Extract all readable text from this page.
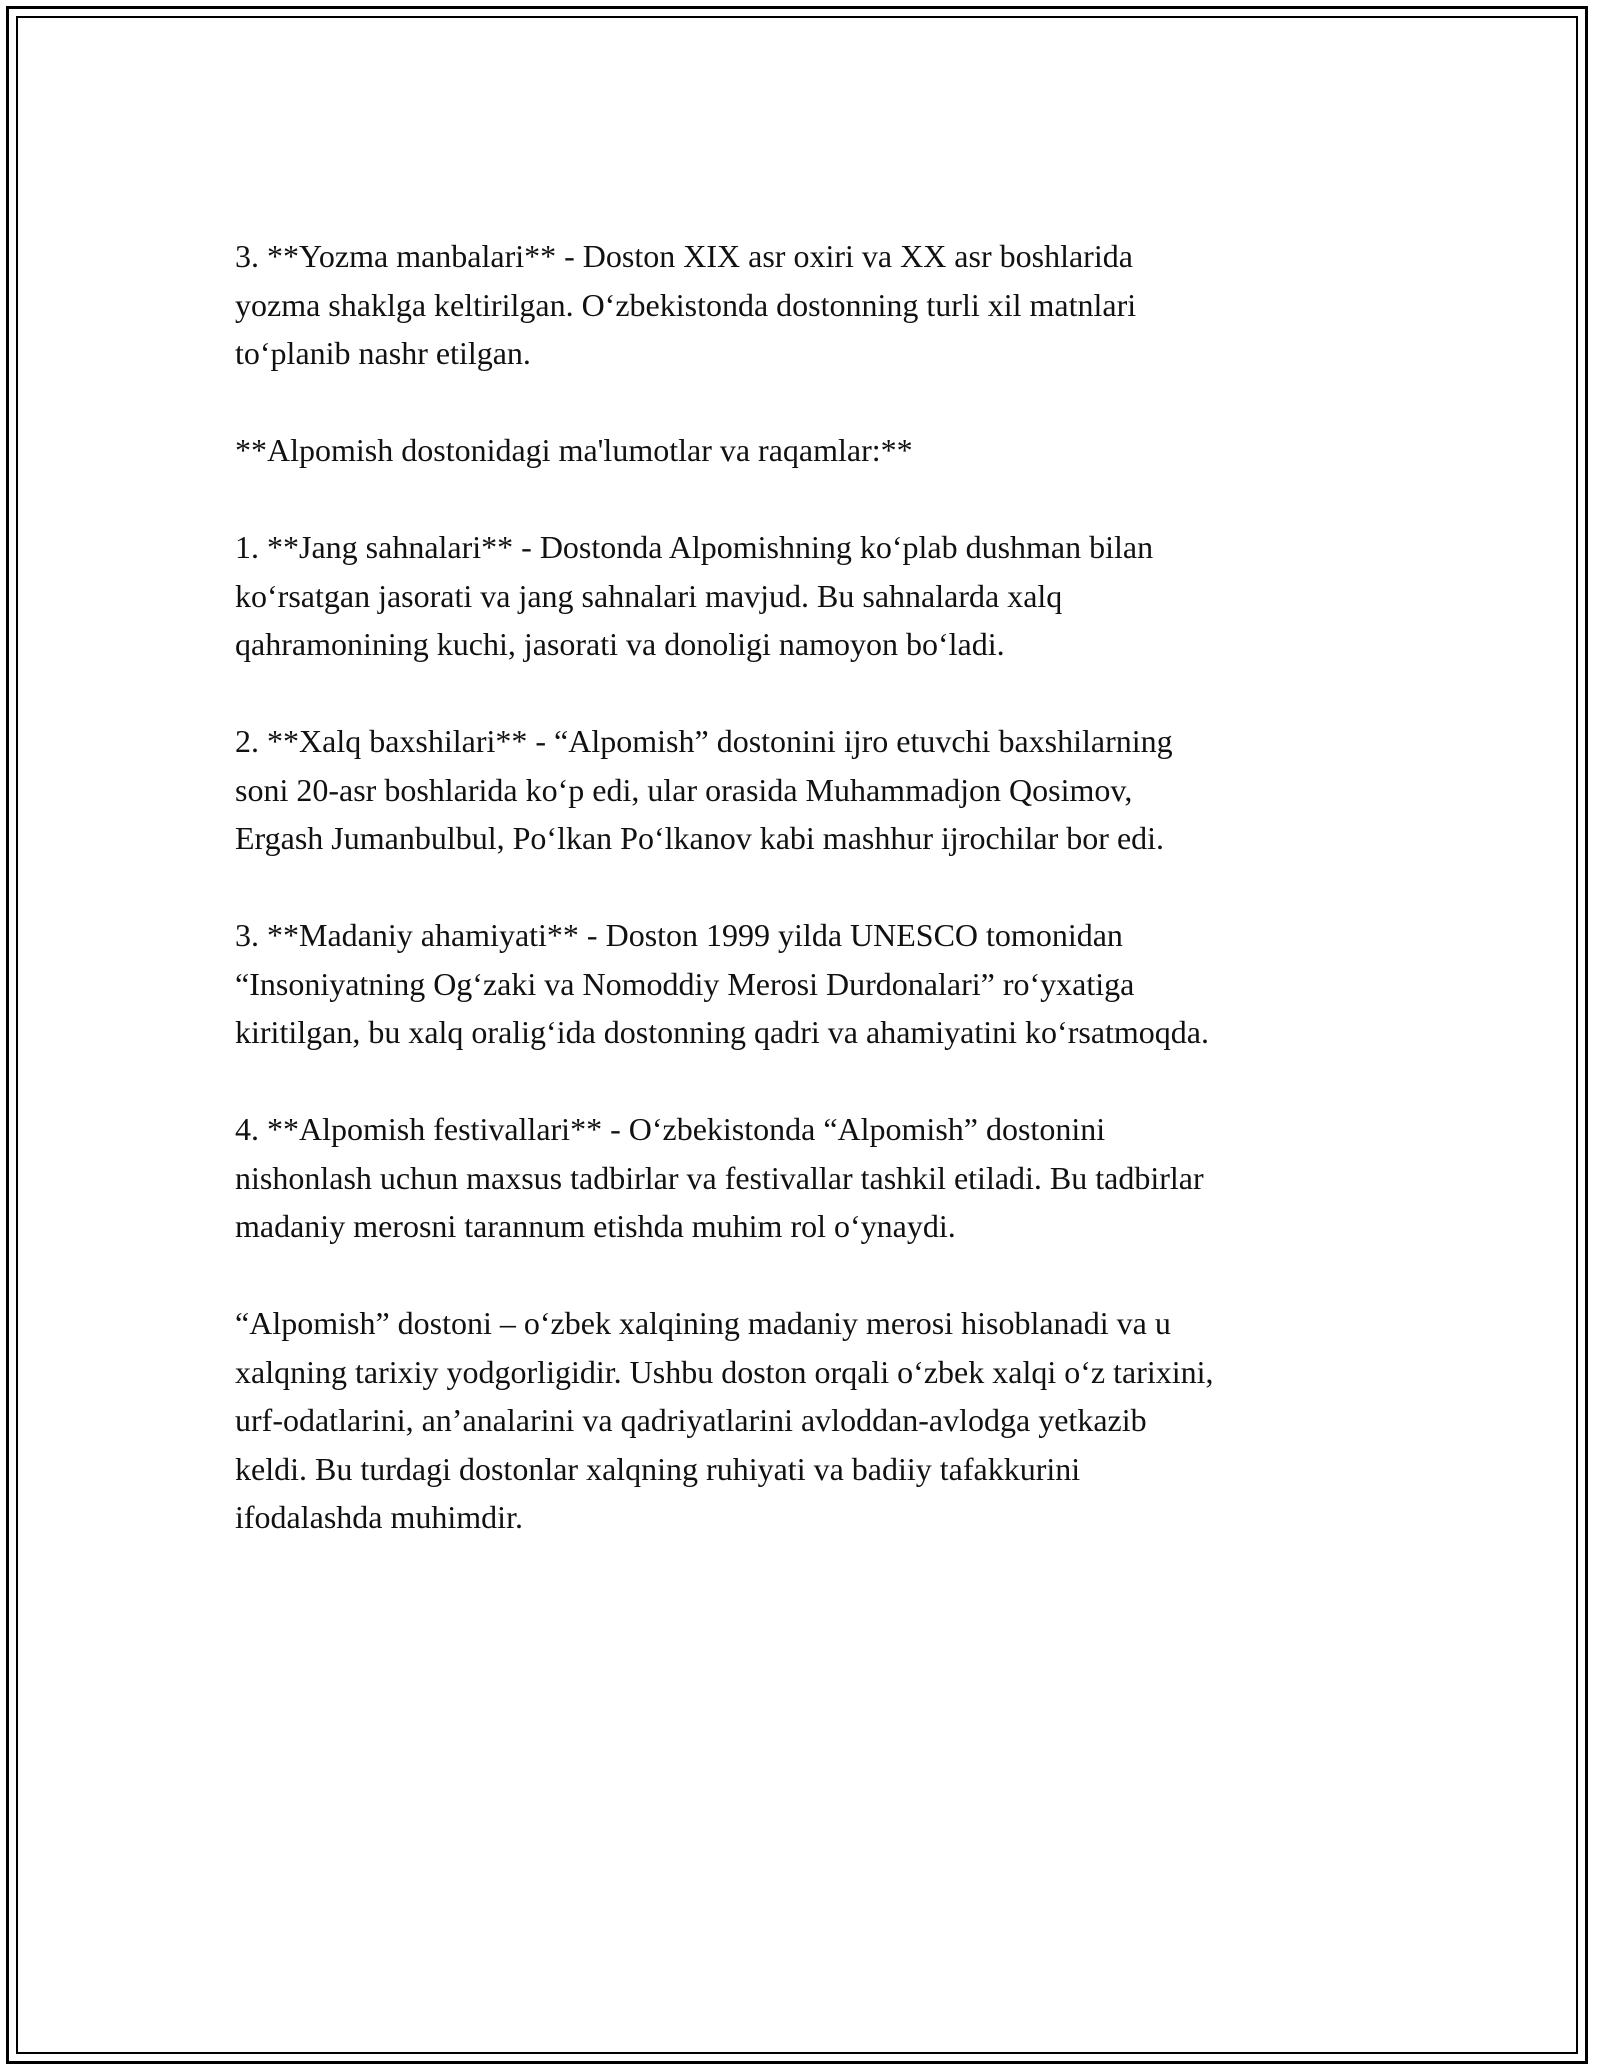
3. **Yozma manbalari** - Doston XIX asr oxiri va XX asr boshlarida
yozma shaklga keltirilgan. O‘zbekistonda dostonning turli xil matnlari
to‘planib nashr etilgan.

**Alpomish dostonidagi ma'lumotlar va raqamlar:**

1. **Jang sahnalari** - Dostonda Alpomishning ko‘plab dushman bilan
ko‘rsatgan jasorati va jang sahnalari mavjud. Bu sahnalarda xalq
qahramonining kuchi, jasorati va donoligi namoyon bo‘ladi.

2. **Xalq baxshilari** - “Alpomish” dostonini ijro etuvchi baxshilarning
soni 20-asr boshlarida ko‘p edi, ular orasida Muhammadjon Qosimov,
Ergash Jumanbulbul, Po‘lkan Po‘lkanov kabi mashhur ijrochilar bor edi.

3. **Madaniy ahamiyati** - Doston 1999 yilda UNESCO tomonidan
“Insoniyatning Og‘zaki va Nomoddiy Merosi Durdonalari” ro‘yxatiga
kiritilgan, bu xalq oralig‘ida dostonning qadri va ahamiyatini ko‘rsatmoqda.

4. **Alpomish festivallari** - O‘zbekistonda “Alpomish” dostonini
nishonlash uchun maxsus tadbirlar va festivallar tashkil etiladi. Bu tadbirlar
madaniy merosni tarannum etishda muhim rol o‘ynaydi.

“Alpomish” dostoni – o‘zbek xalqining madaniy merosi hisoblanadi va u
xalqning tarixiy yodgorligidir. Ushbu doston orqali o‘zbek xalqi o‘z tarixini,
urf-odatlarini, an’analarini va qadriyatlarini avloddan-avlodga yetkazib
keldi. Bu turdagi dostonlar xalqning ruhiyati va badiiy tafakkurini
ifodalashda muhimdir.
